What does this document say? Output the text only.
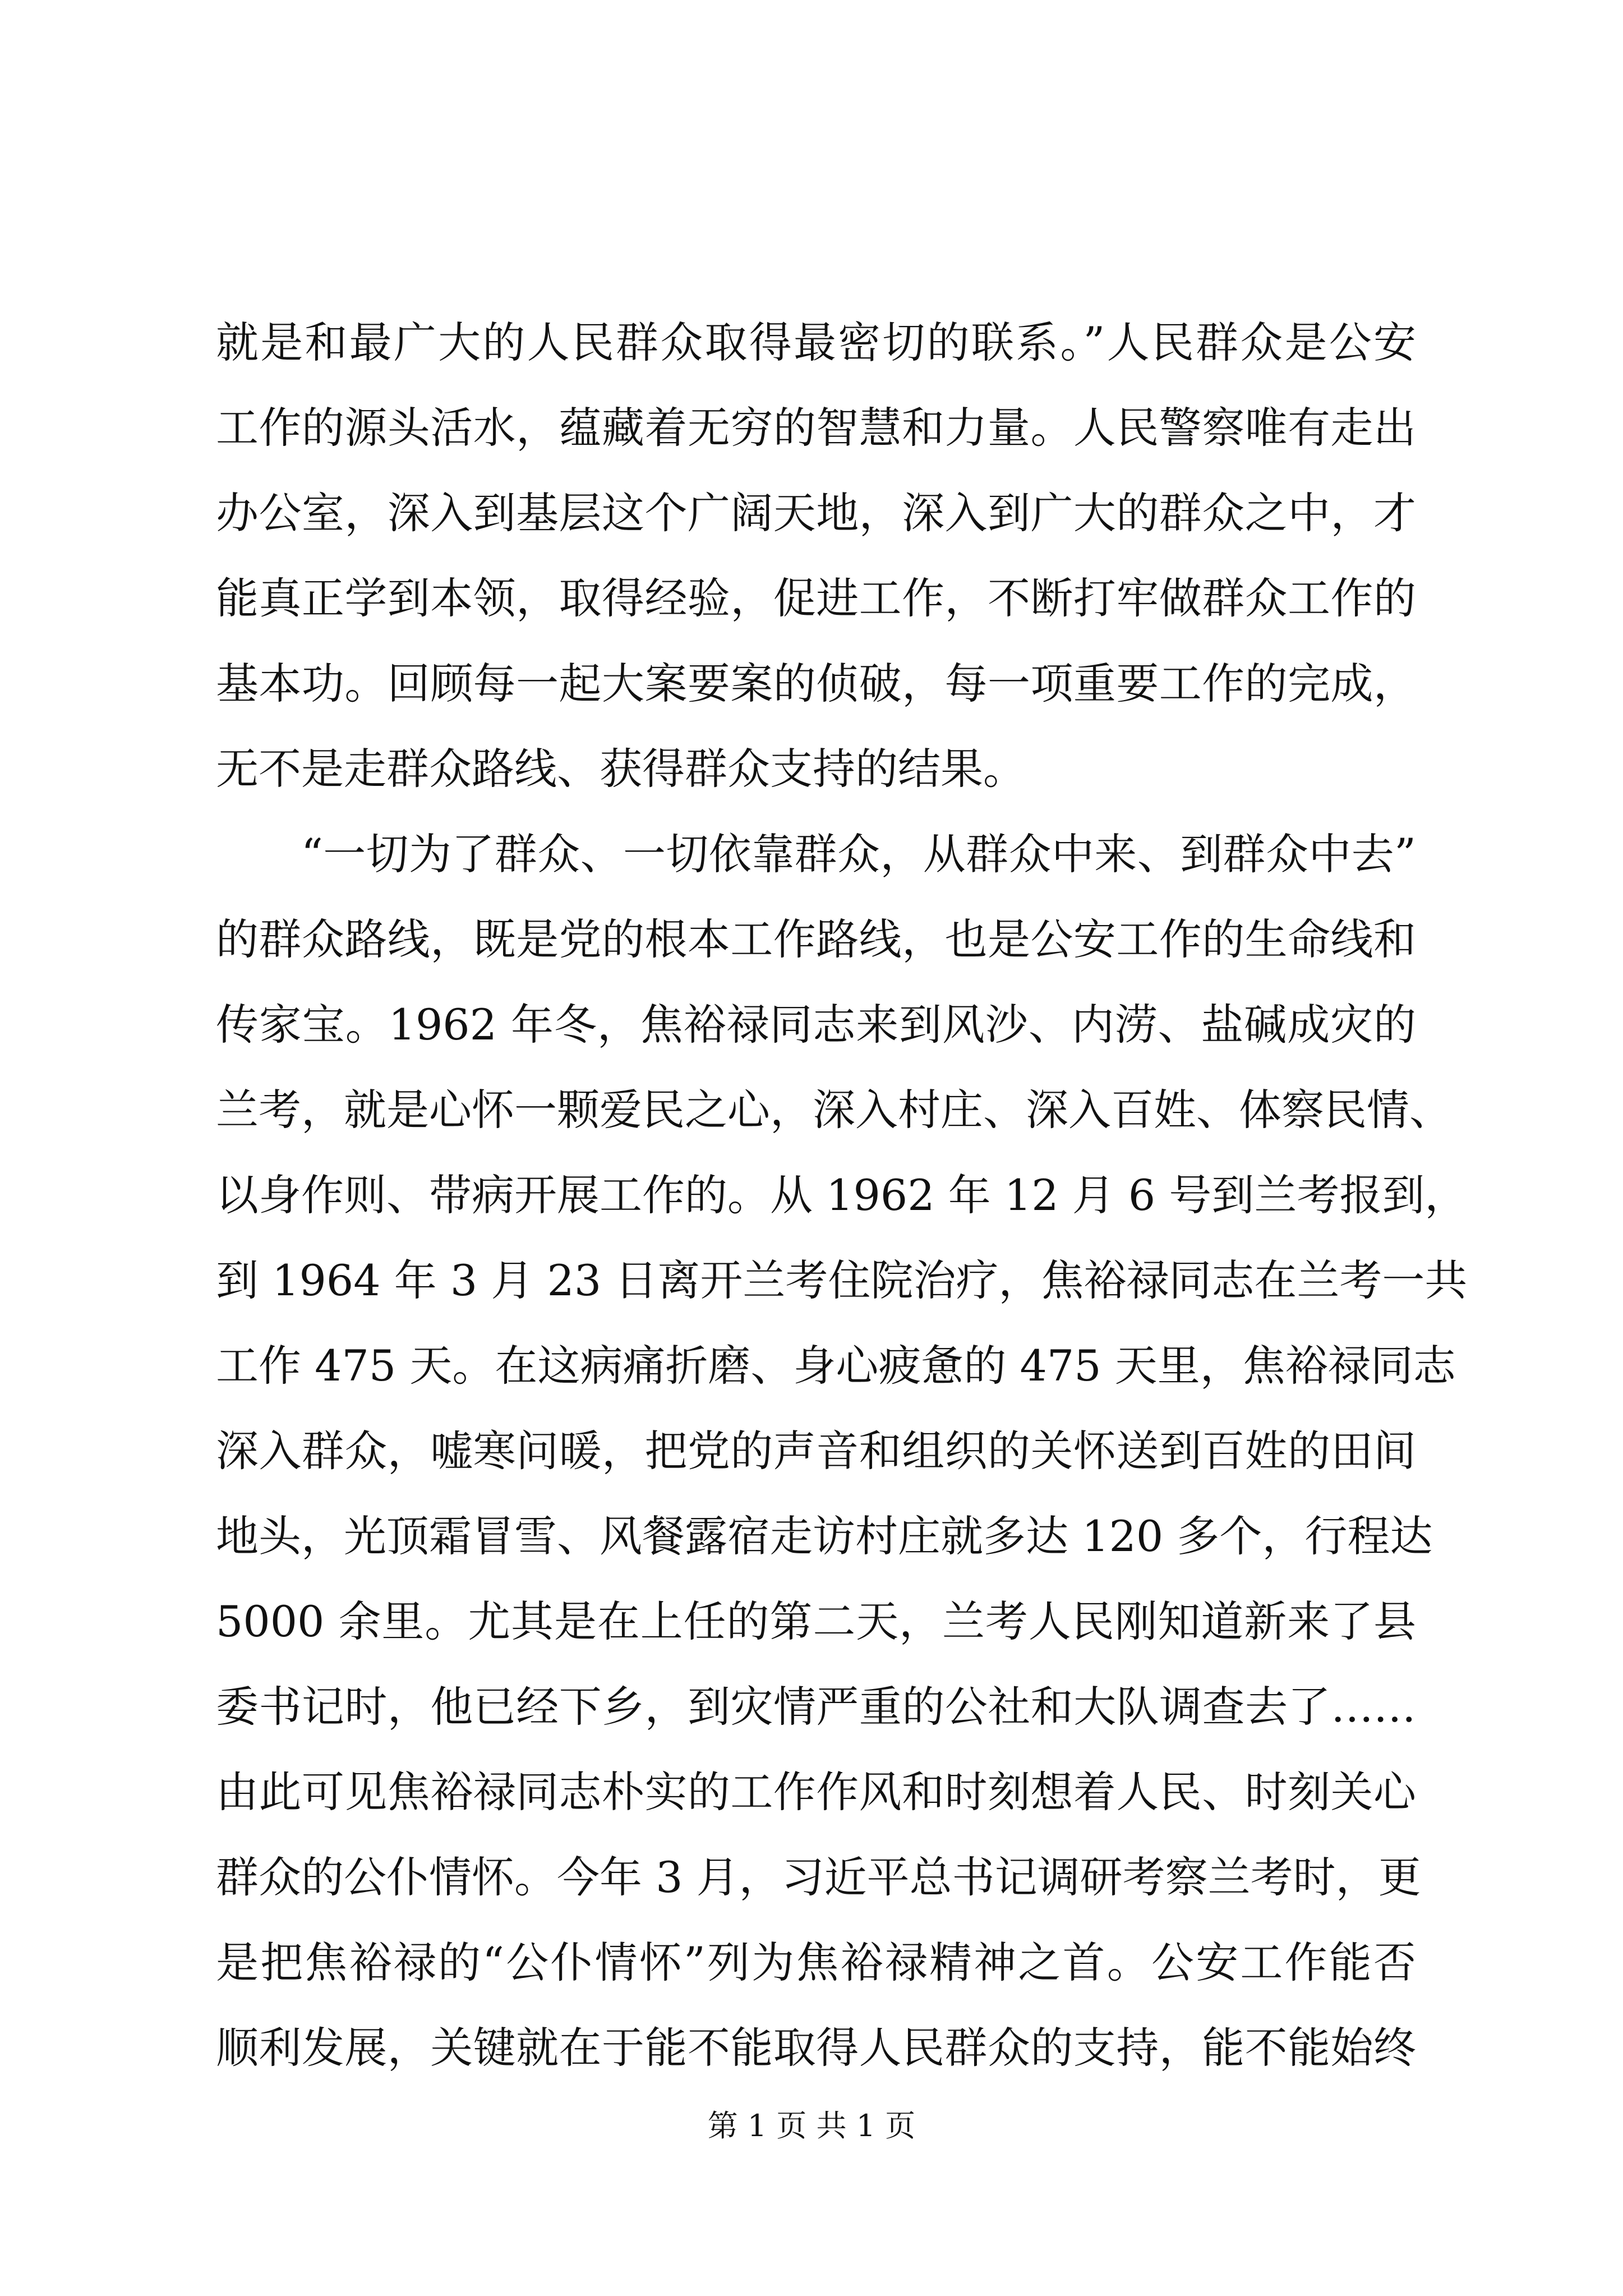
就是和最广大的人民群众取得最密切的联系。”人民群众是公安
工作的源头活水，蕴藏着无穷的智慧和力量。人民警察唯有走出
办公室，深入到基层这个广阔天地，深入到广大的群众之中，才
能真正学到本领，取得经验，促进工作，不断打牢做群众工作的
基本功。回顾每一起大案要案的侦破，每一项重要工作的完成，
无不是走群众路线、获得群众支持的结果。
“一切为了群众、一切依靠群众，从群众中来、到群众中去”
的群众路线，既是党的根本工作路线，也是公安工作的生命线和
传家宝。1962 年冬，焦裕禄同志来到风沙、内涝、盐碱成灾的
兰考，就是心怀一颗爱民之心，深入村庄、深入百姓、体察民情、
以身作则、带病开展工作的。从 1962 年 12 月 6 号到兰考报到，
到 1964 年 3 月 23 日离开兰考住院治疗，焦裕禄同志在兰考一共
工作 475 天。在这病痛折磨、身心疲惫的 475 天里，焦裕禄同志
深入群众，嘘寒问暖，把党的声音和组织的关怀送到百姓的田间
地头，光顶霜冒雪、风餐露宿走访村庄就多达 120 多个，行程达
5000 余里。尤其是在上任的第二天，兰考人民刚知道新来了县
委书记时，他已经下乡，到灾情严重的公社和大队调查去了……
由此可见焦裕禄同志朴实的工作作风和时刻想着人民、时刻关心
群众的公仆情怀。今年 3 月，习近平总书记调研考察兰考时，更
是把焦裕禄的“公仆情怀”列为焦裕禄精神之首。公安工作能否
顺利发展，关键就在于能不能取得人民群众的支持，能不能始终
第 1 页 共 1 页
